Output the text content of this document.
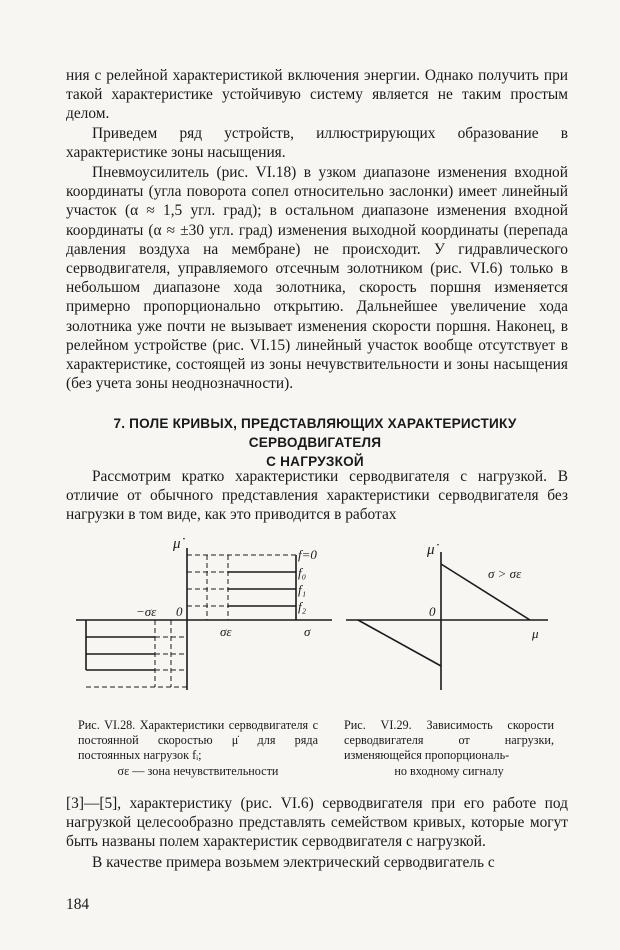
ния с релейной характеристикой включения энергии. Однако получить при такой характеристике устойчивую систему является не таким простым делом.
Приведем ряд устройств, иллюстрирующих образование в характеристике зоны насыщения.
Пневмоусилитель (рис. VI.18) в узком диапазоне изменения входной координаты (угла поворота сопел относительно заслонки) имеет линейный участок (α ≈ 1,5 угл. град); в остальном диапазоне изменения входной координаты (α ≈ ±30 угл. град) изменения выходной координаты (перепада давления воздуха на мембране) не происходит. У гидравлического серводвигателя, управляемого отсечным золотником (рис. VI.6) только в небольшом диапазоне хода золотника, скорость поршня изменяется примерно пропорционально открытию. Дальнейшее увеличение хода золотника уже почти не вызывает изменения скорости поршня. Наконец, в релейном устройстве (рис. VI.15) линейный участок вообще отсутствует в характеристике, состоящей из зоны нечувствительности и зоны насыщения (без учета зоны неоднозначности).
7. ПОЛЕ КРИВЫХ, ПРЕДСТАВЛЯЮЩИХ ХАРАКТЕРИСТИКУ СЕРВОДВИГАТЕЛЯ
С НАГРУЗКОЙ
Рассмотрим кратко характеристики серводвигателя с нагрузкой. В отличие от обычного представления характеристики серводвигателя без нагрузки в том виде, как это приводится в работах
μ̇
f=0
f₀
f₁
f₂
−σε 0
σε	σ
μ̇
σ > σε
0
μ
Рис. VI.28. Характеристики серводвигателя с постоянной скоростью μ̇ для ряда постоянных нагрузок fᵢ;
σε — зона нечувствительности
Рис. VI.29. Зависимость скорости серводвигателя от нагрузки, изменяющейся пропорциональ-
но входному сигналу
[3]—[5], характеристику (рис. VI.6) серводвигателя при его работе под нагрузкой целесообразно представлять семейством кривых, которые могут быть названы полем характеристик серводвигателя с нагрузкой.
В качестве примера возьмем электрический серводвигатель с
184
